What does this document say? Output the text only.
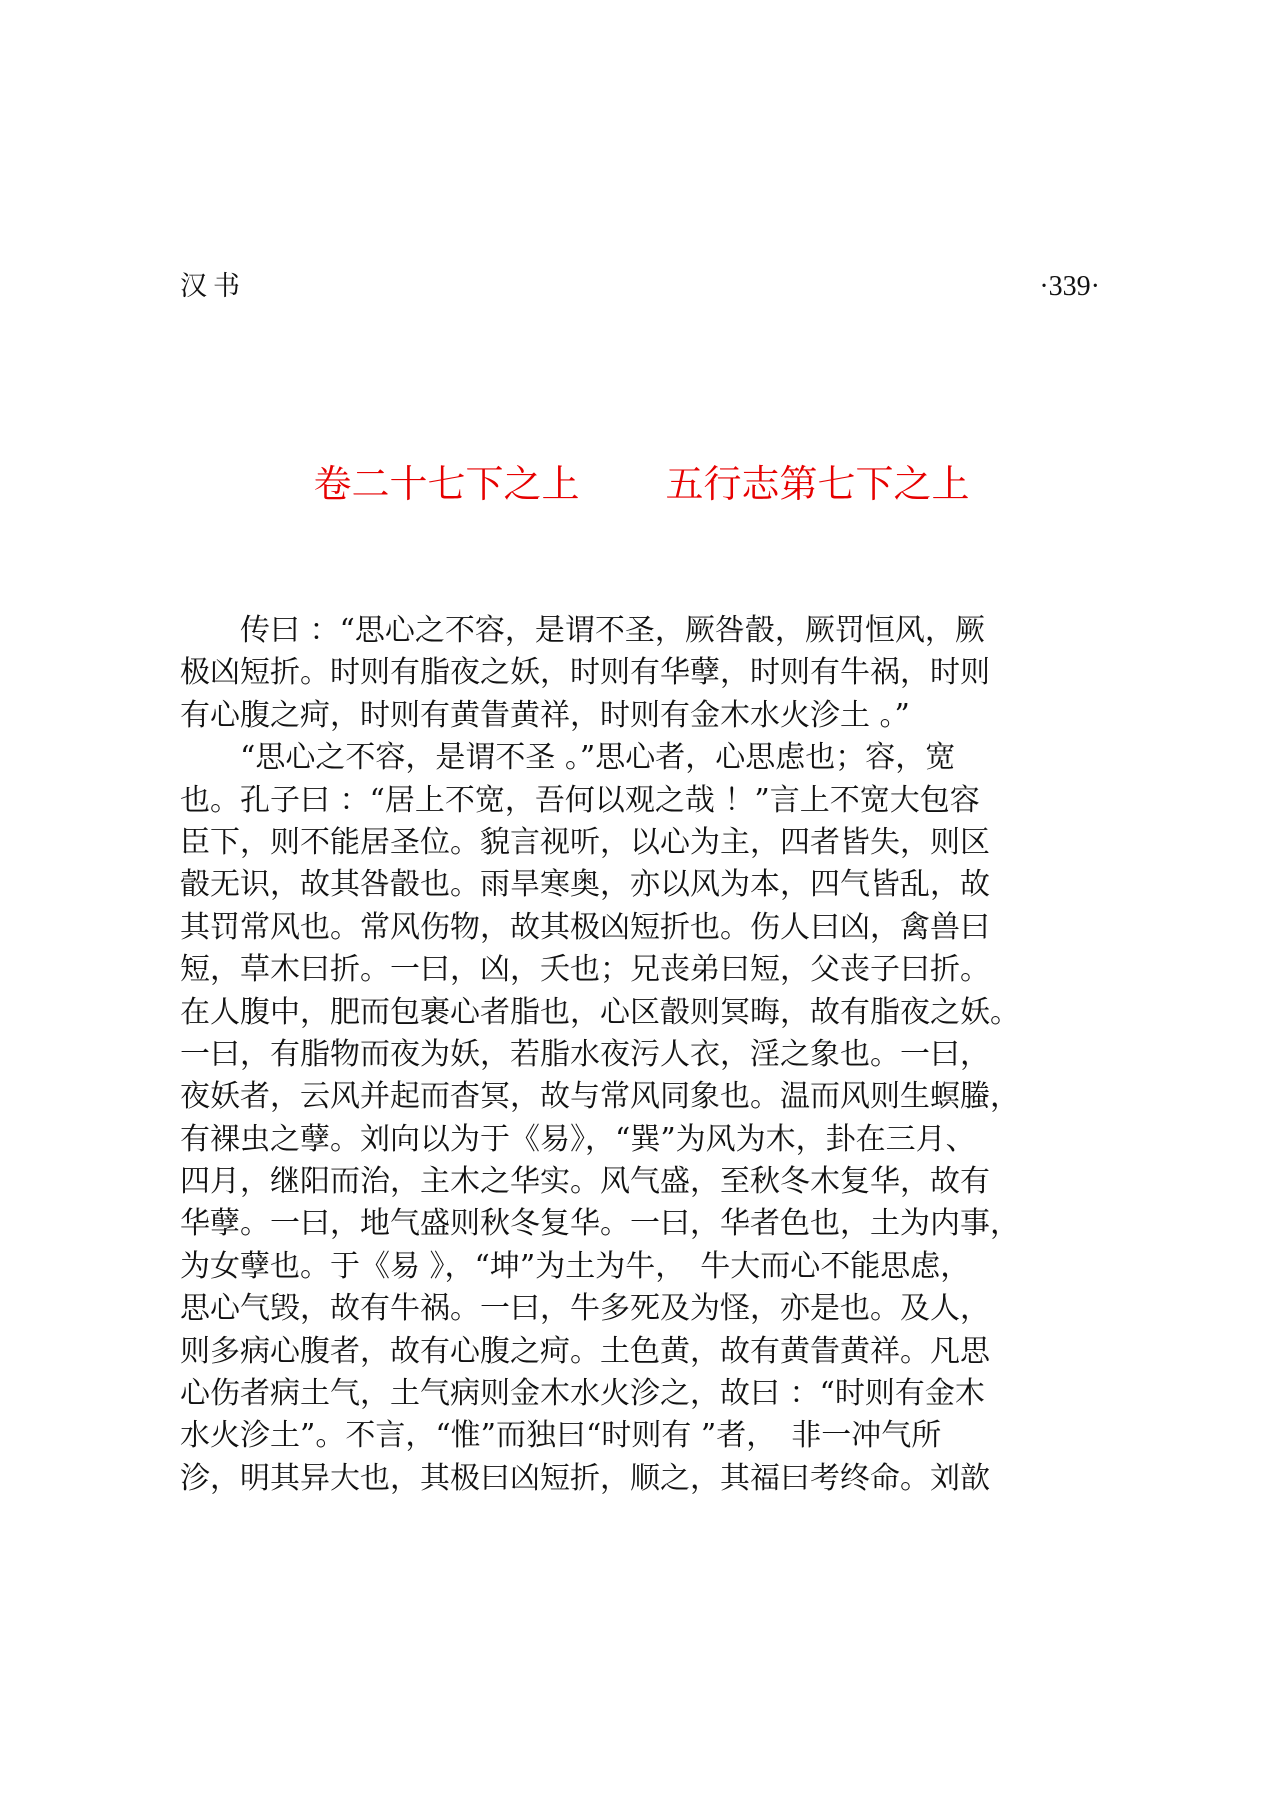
汉书	·339·
卷二十七下之上 五行志第七下之上
　　传曰 ：“思心之不容，是谓不圣，厥咎瞉，厥罚恒风，厥
极凶短折。时则有脂夜之妖，时则有华孽，时则有牛祸，时则
有心腹之疴，时则有黄眚黄祥，时则有金木水火沴土 。”
　　“思心之不容，是谓不圣 。”思心者，心思虑也；容，宽
也。孔子曰 ：“居上不宽，吾何以观之哉 ！”言上不宽大包容
臣下，则不能居圣位。貌言视听，以心为主，四者皆失，则区
瞉无识，故其咎瞉也。雨旱寒奥，亦以风为本，四气皆乱，故
其罚常风也。常风伤物，故其极凶短折也。伤人曰凶，禽兽曰
短，草木曰折。一曰，凶，夭也；兄丧弟曰短，父丧子曰折。
在人腹中，肥而包裹心者脂也，心区瞉则冥晦，故有脂夜之妖。
一曰，有脂物而夜为妖，若脂水夜污人衣，淫之象也。一曰，
夜妖者，云风并起而杳冥，故与常风同象也。温而风则生螟螣，
有裸虫之孽。刘向以为于《易》，“巽”为风为木，卦在三月、
四月，继阳而治，主木之华实。风气盛，至秋冬木复华，故有
华孽。一曰，地气盛则秋冬复华。一曰，华者色也，土为内事，
为女孽也。于《易 》，“坤”为土为牛，　牛大而心不能思虑，
思心气毁，故有牛祸。一曰，牛多死及为怪，亦是也。及人，
则多病心腹者，故有心腹之疴。土色黄，故有黄眚黄祥。凡思
心伤者病土气，土气病则金木水火沴之，故曰 ：“时则有金木
水火沴土”。不言，“惟”而独曰“时则有 ”者，　非一冲气所
沴，明其异大也，其极曰凶短折，顺之，其福曰考终命。刘歆
